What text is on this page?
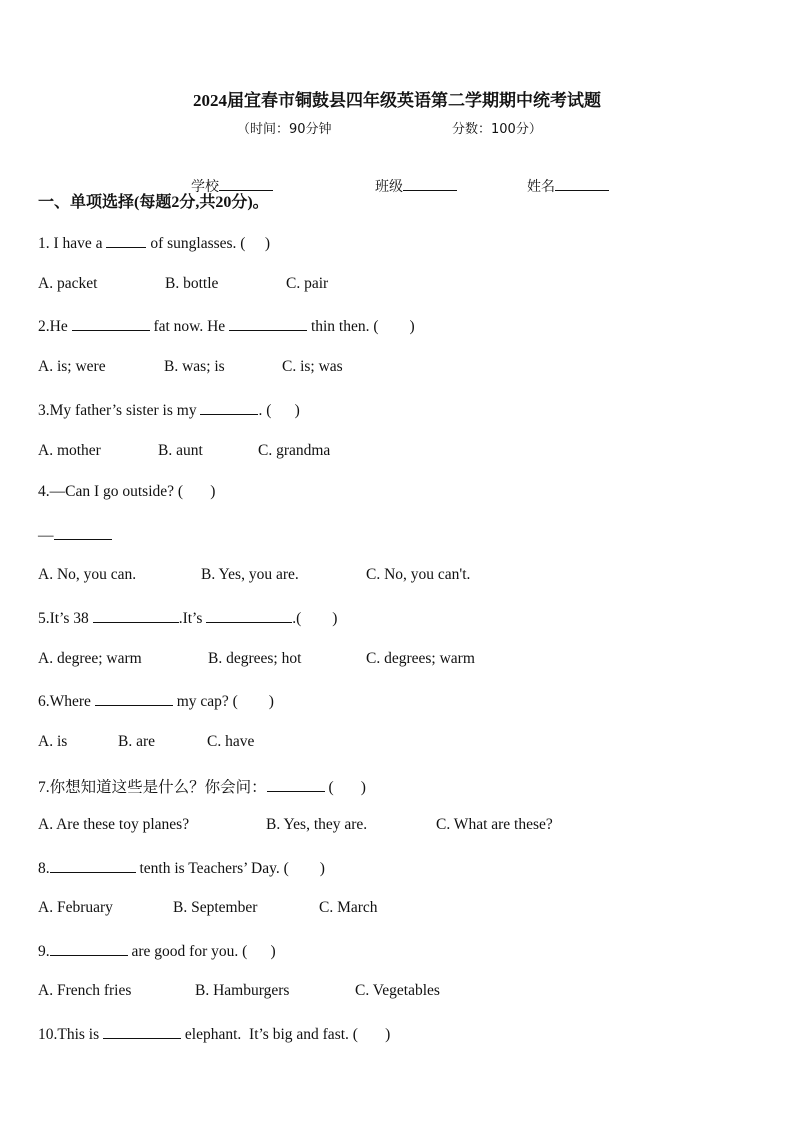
2024届宜春市铜鼓县四年级英语第二学期期中统考试题
（时间：90分钟	分数：100分）

学校	班级	姓名

一、单项选择(每题2分,共20分)。
1. I have a	of sunglasses. (     )
A. packet	B. bottle	C. pair
2.He	fat now. He	thin then. (        )
A. is; were	B. was; is	C. is; was
3.My father’s sister is my	. (      )
A. mother	B. aunt	C. grandma
4.—Can I go outside? (       )
—
A. No, you can.	B. Yes, you are.	C. No, you can't.
5.It’s 38	.It’s	.(        )
A. degree; warm	B. degrees; hot	C. degrees; warm
6.Where	my cap? (        )
A. is	B. are	C. have
7.你想知道这些是什么？你会问：	(       )
A. Are these toy planes?	B. Yes, they are.	C. What are these?
8.	tenth is Teachers’ Day. (        )
A. February	B. September	C. March
9.	are good for you. (      )
A. French fries	B. Hamburgers	C. Vegetables
10.This is	elephant.  It’s big and fast. (       )
